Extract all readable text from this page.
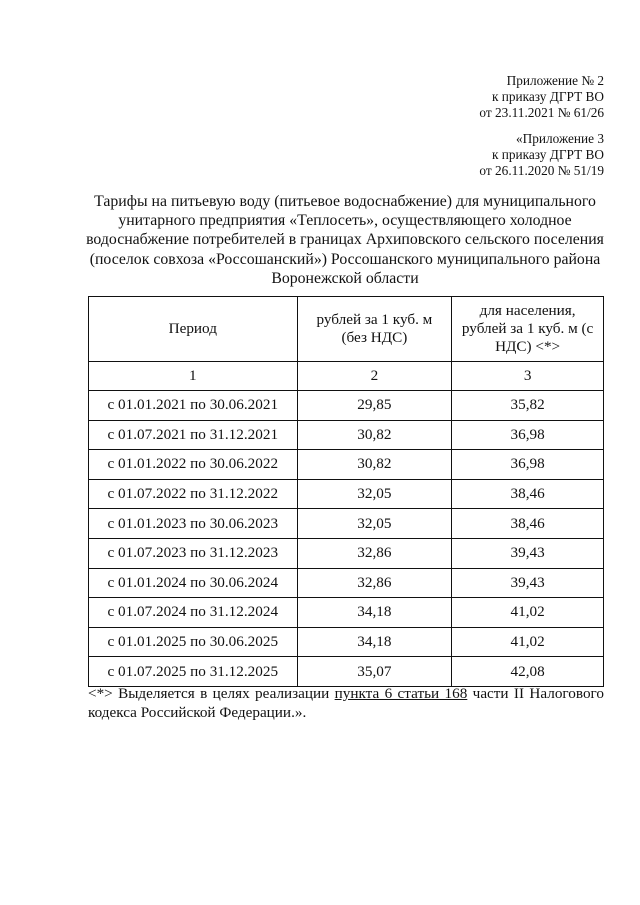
Приложение № 2
к приказу ДГРТ ВО
от 23.11.2021 № 61/26
«Приложение 3
к приказу ДГРТ ВО
от 26.11.2020 № 51/19
Тарифы на питьевую воду (питьевое водоснабжение) для муниципального
унитарного предприятия «Теплосеть», осуществляющего холодное
водоснабжение потребителей в границах Архиповского сельского поселения
(поселок совхоза «Россошанский») Россошанского муниципального района
Воронежской области
Период	рублей за 1 куб. м (без НДС)	для населения, рублей за 1 куб. м (с НДС) <*>
1	2	3
с 01.01.2021 по 30.06.2021	29,85	35,82
с 01.07.2021 по 31.12.2021	30,82	36,98
с 01.01.2022 по 30.06.2022	30,82	36,98
с 01.07.2022 по 31.12.2022	32,05	38,46
с 01.01.2023 по 30.06.2023	32,05	38,46
с 01.07.2023 по 31.12.2023	32,86	39,43
с 01.01.2024 по 30.06.2024	32,86	39,43
с 01.07.2024 по 31.12.2024	34,18	41,02
с 01.01.2025 по 30.06.2025	34,18	41,02
с 01.07.2025 по 31.12.2025	35,07	42,08
<*> Выделяется в целях реализации пункта 6 статьи 168 части II Налогового кодекса Российской Федерации.».
